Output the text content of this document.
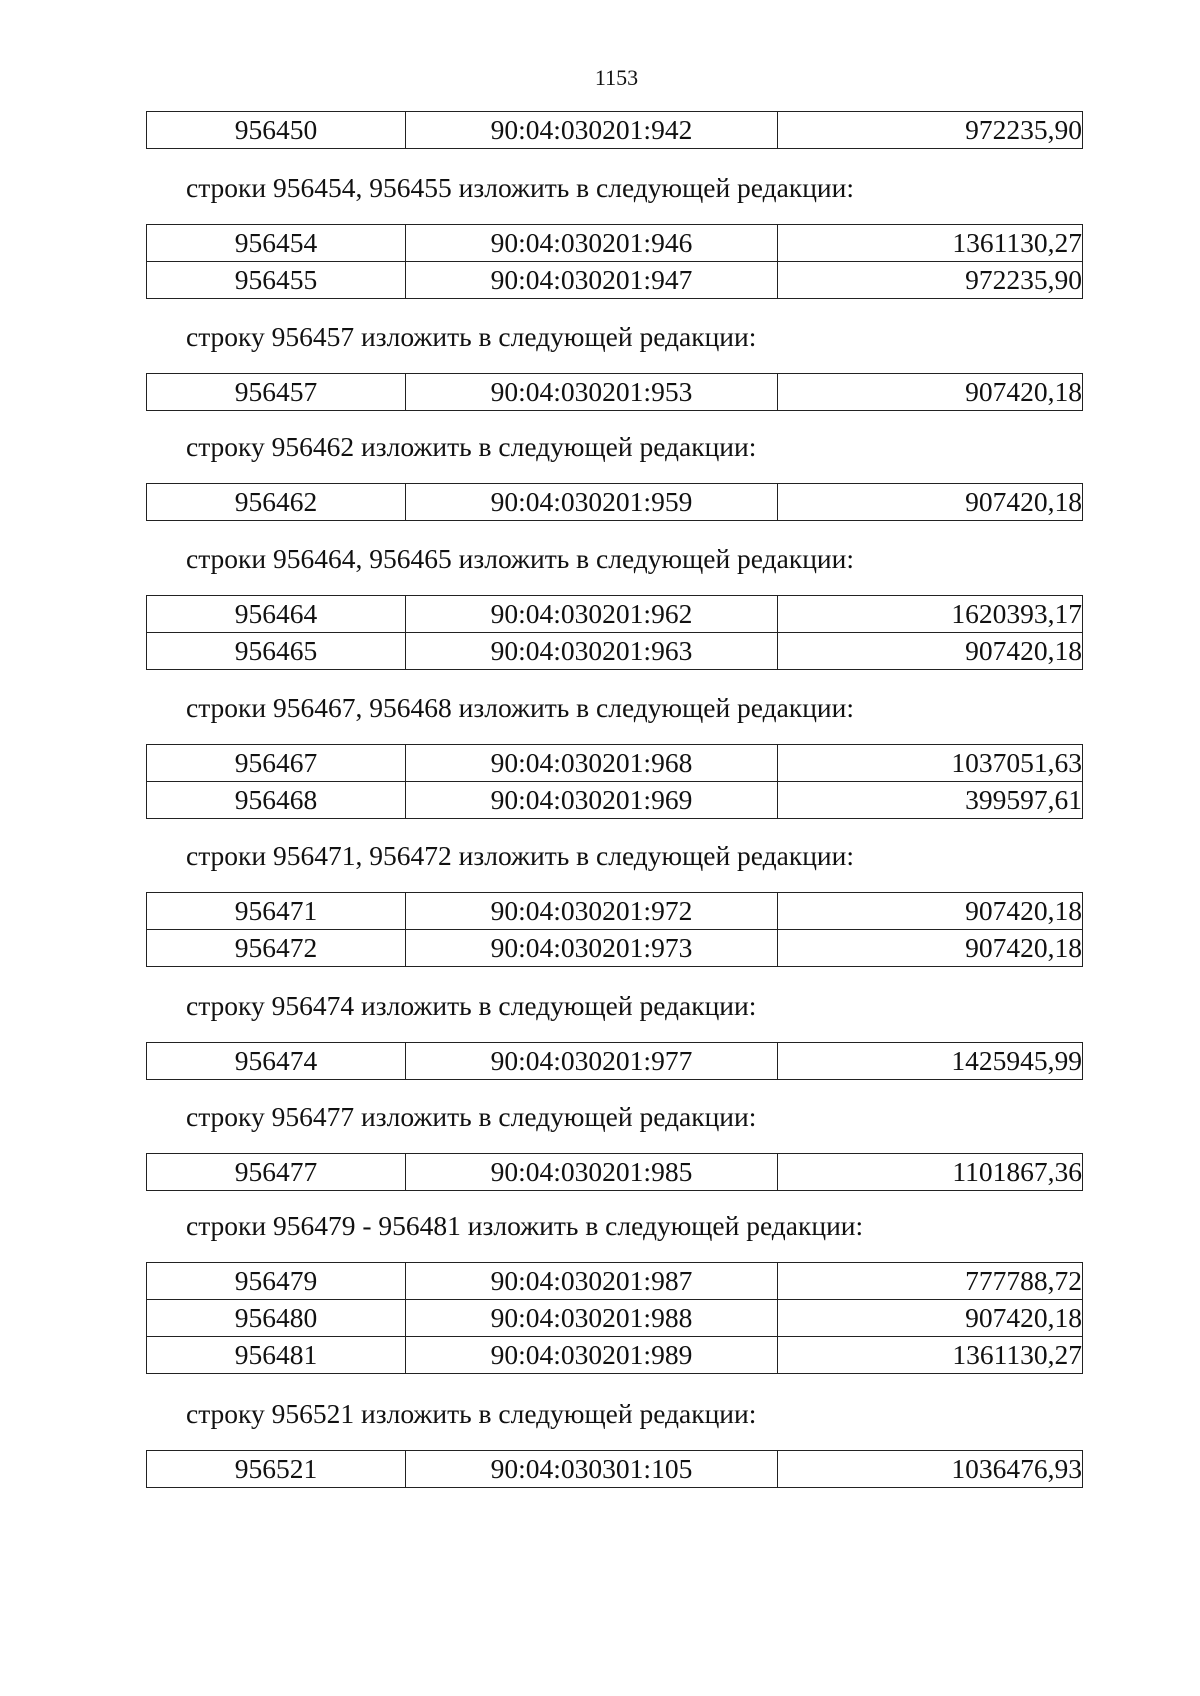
1153
956450	90:04:030201:942	972235,90
строки 956454, 956455 изложить в следующей редакции:
956454	90:04:030201:946	1361130,27
956455	90:04:030201:947	972235,90
строку 956457 изложить в следующей редакции:
956457	90:04:030201:953	907420,18
строку 956462 изложить в следующей редакции:
956462	90:04:030201:959	907420,18
строки 956464, 956465 изложить в следующей редакции:
956464	90:04:030201:962	1620393,17
956465	90:04:030201:963	907420,18
строки 956467, 956468 изложить в следующей редакции:
956467	90:04:030201:968	1037051,63
956468	90:04:030201:969	399597,61
строки 956471, 956472 изложить в следующей редакции:
956471	90:04:030201:972	907420,18
956472	90:04:030201:973	907420,18
строку 956474 изложить в следующей редакции:
956474	90:04:030201:977	1425945,99
строку 956477 изложить в следующей редакции:
956477	90:04:030201:985	1101867,36
строки 956479 - 956481 изложить в следующей редакции:
956479	90:04:030201:987	777788,72
956480	90:04:030201:988	907420,18
956481	90:04:030201:989	1361130,27
строку 956521 изложить в следующей редакции:
956521	90:04:030301:105	1036476,93
